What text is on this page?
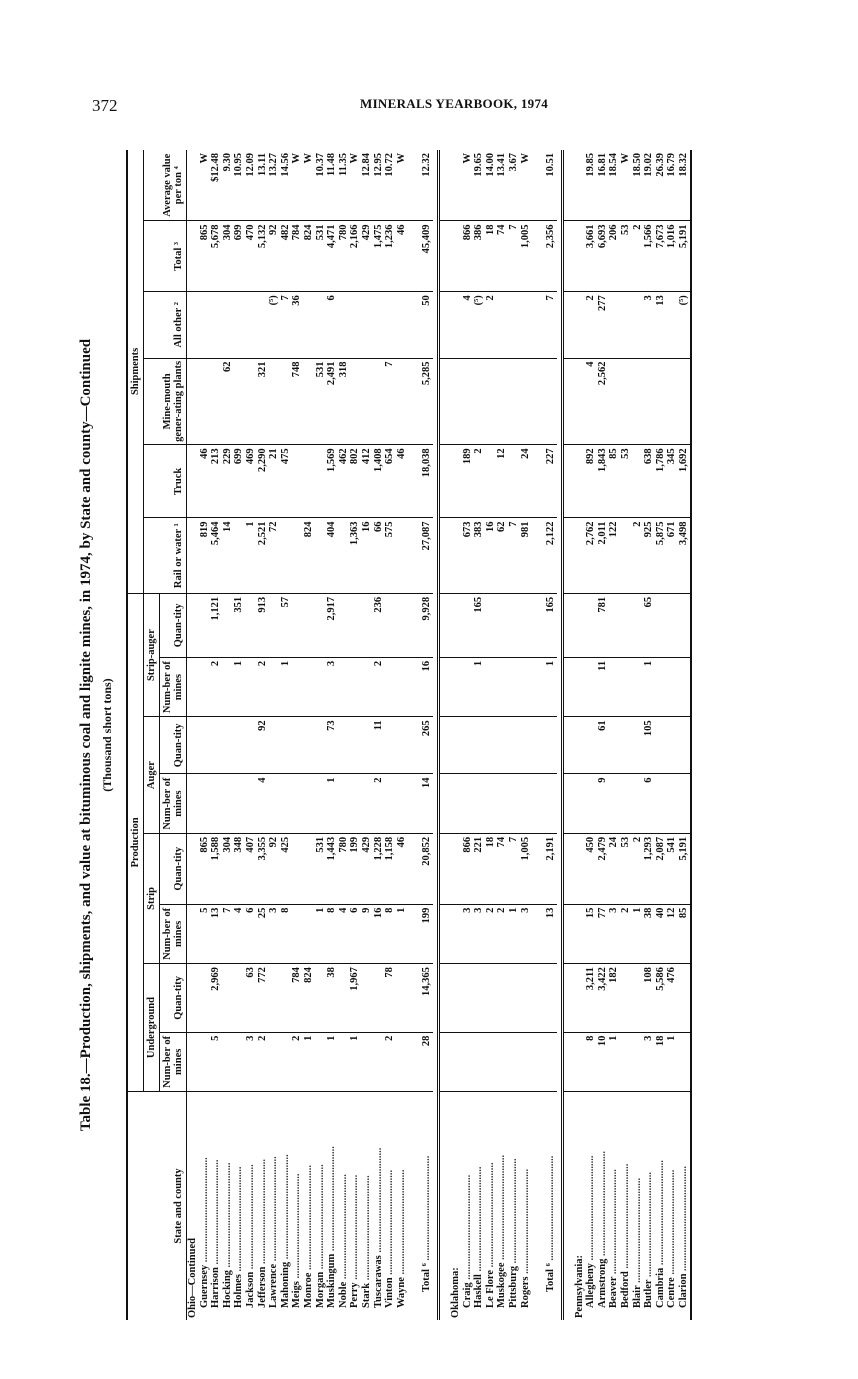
372	MINERALS YEARBOOK, 1974
Table 18.—Production, shipments, and value at bituminous coal and lignite mines, in 1974, by State and county—Continued (Thousand short tons)
State and county	Production								Shipments					
	Underground		Strip		Auger		Strip-auger		Rail or water ¹	Truck	Mine-mouth gener-ating plants	All other ²	Total ³	Average value per ton ⁴
	Num-ber of mines	Quan-tity	Num-ber of mines	Quan-tity	Num-ber of mines	Quan-tity	Num-ber of mines	Quan-tity						
Ohio—Continued														
Guernsey ........................................			5	865					819	46			865	W
Harrison ........................................	5	2,969	13	1,588			2	1,121	5,464	213			5,678	$12.48
Hocking ........................................			7	304					14	229	62		304	9.30
Holmes ........................................			4	348			1	351		699			699	10.95
Jackson ........................................	3	63	6	407					1	469			470	12.09
Jefferson ........................................	2	772	25	3,355	4	92	2	913	2,521	2,290	321		5,132	13.11
Lawrence ........................................			3	92					72	21		(⁵)	92	13.27
Mahoning ........................................			8	425			1	57		475		7	482	14.56
Meigs ........................................	2	784									748	36	784	W
Monroe ........................................	1	824							824				824	W
Morgan ........................................			1	531							531		531	10.37
Muskingum ........................................	1	38	8	1,443	1	73	3	2,917	404	1,569	2,491	6	4,471	11.48
Noble ........................................			4	780						462	318		780	11.35
Perry ........................................	1	1,967	6	199					1,363	802			2,166	W
Stark ........................................			9	429					16	412			429	12.84
Tuscarawas ........................................			16	1,228	2	11	2	236	66	1,408			1,475	12.95
Vinton ........................................	2	78	8	1,158					575	654	7		1,236	10.72
Wayne ........................................			1	46						46			46	W

Total ⁶ ........................................	28	14,365	199	20,852	14	265	16	9,928	27,087	18,038	5,285	50	45,409	12.32

Oklahoma:														
Craig ........................................			3	866					673	189		4	866	W
Haskell ........................................			3	221			1	165	383	2		(⁵)	386	19.65
Le Flore ........................................			2	18					16			2	18	14.00
Muskogee ........................................			2	74					62	12			74	13.41
Pittsburg ........................................			1	7					7				7	3.67
Rogers ........................................			3	1,005					981	24			1,005	W

Total ⁶ ........................................			13	2,191			1	165	2,122	227		7	2,356	10.51

Pennsylvania:														
Allegheny ........................................	8	3,211	15	450					2,762	892	4	2	3,661	19.85
Armstrong ........................................	10	3,422	77	2,479	9	61	11	781	2,011	1,843	2,562	277	6,693	16.81
Beaver ........................................	1	182	3	24					122	85			206	18.54
Bedford ........................................			2	53						53			53	W
Blair ........................................			1	2					2				2	18.50
Butler ........................................	3	108	38	1,293	6	105	1	65	925	638		3	1,566	19.02
Cambria ........................................	18	5,586	40	2,087					5,875	1,786		13	7,673	26.39
Centre ........................................	1	476	12	541					671	345			1,016	16.79
Clarion ........................................			85	5,191					3,498	1,692		(⁵)	5,191	18.32
